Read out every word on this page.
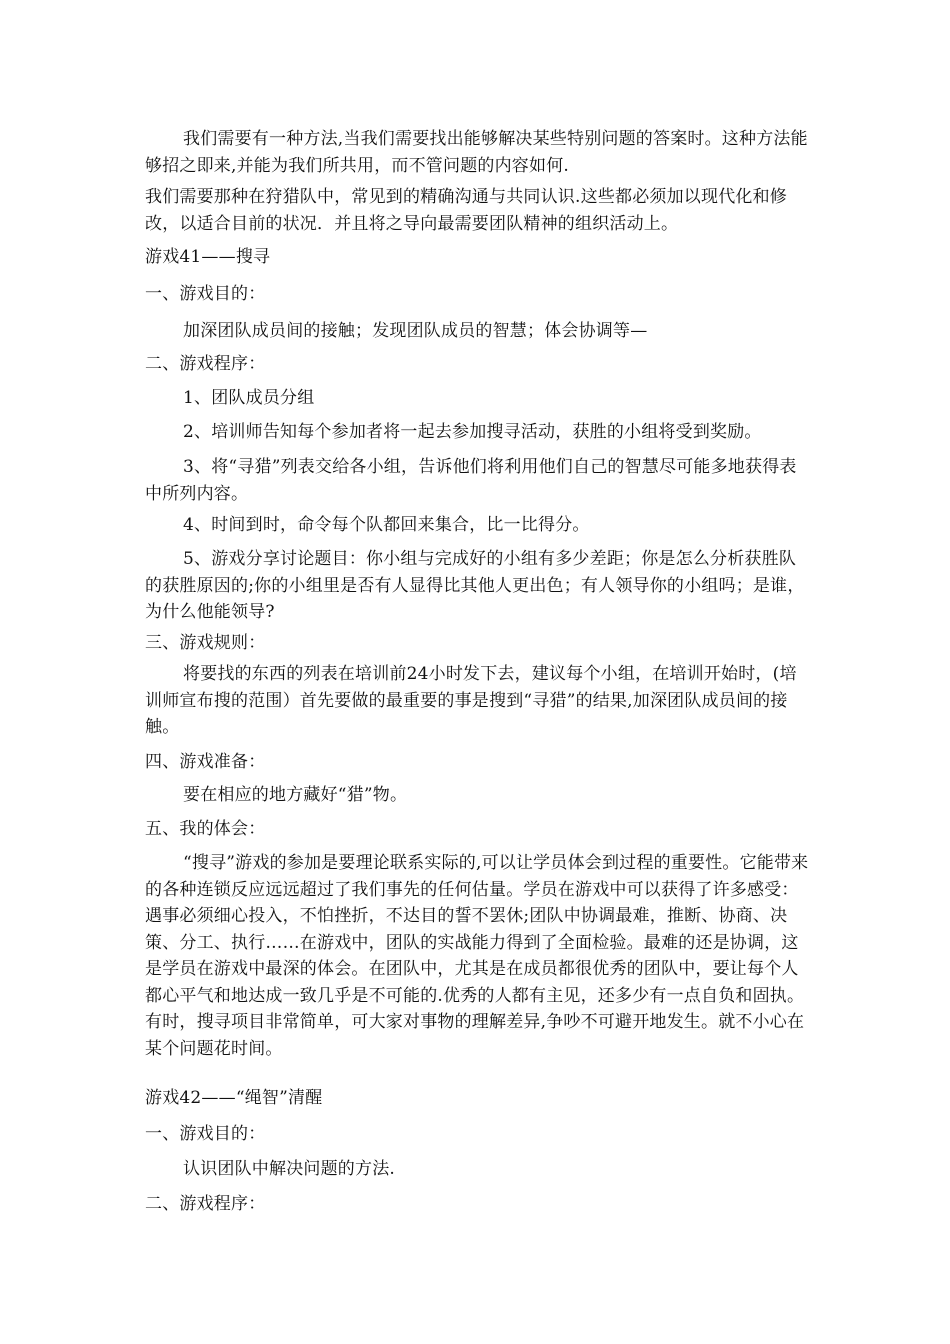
我们需要有一种方法,当我们需要找出能够解决某些特别问题的答案时。这种方法能够招之即来,并能为我们所共用，而不管问题的内容如何.
我们需要那种在狩猎队中，常见到的精确沟通与共同认识.这些都必须加以现代化和修改，以适合目前的状况．并且将之导向最需要团队精神的组织活动上。
游戏41——搜寻
一、游戏目的：
加深团队成员间的接触；发现团队成员的智慧；体会协调等—
二、游戏程序：
1、团队成员分组
2、培训师告知每个参加者将一起去参加搜寻活动，获胜的小组将受到奖励。
3、将“寻猎”列表交给各小组，告诉他们将利用他们自己的智慧尽可能多地获得表中所列内容。
4、时间到时，命令每个队都回来集合，比一比得分。
5、游戏分享讨论题目：你小组与完成好的小组有多少差距；你是怎么分析获胜队的获胜原因的;你的小组里是否有人显得比其他人更出色；有人领导你的小组吗；是谁，为什么他能领导?
三、游戏规则：
将要找的东西的列表在培训前24小时发下去，建议每个小组，在培训开始时，(培训师宣布搜的范围）首先要做的最重要的事是搜到“寻猎”的结果,加深团队成员间的接触。
四、游戏准备：
要在相应的地方藏好“猎”物。
五、我的体会：
“搜寻”游戏的参加是要理论联系实际的,可以让学员体会到过程的重要性。它能带来的各种连锁反应远远超过了我们事先的任何估量。学员在游戏中可以获得了许多感受：遇事必须细心投入，不怕挫折，不达目的誓不罢休;团队中协调最难，推断、协商、决策、分工、执行……在游戏中，团队的实战能力得到了全面检验。最难的还是协调，这是学员在游戏中最深的体会。在团队中，尤其是在成员都很优秀的团队中，要让每个人都心平气和地达成一致几乎是不可能的.优秀的人都有主见，还多少有一点自负和固执。有时，搜寻项目非常简单，可大家对事物的理解差异,争吵不可避开地发生。就不小心在某个问题花时间。
游戏42——“绳智”清醒
一、游戏目的：
认识团队中解决问题的方法.
二、游戏程序：
